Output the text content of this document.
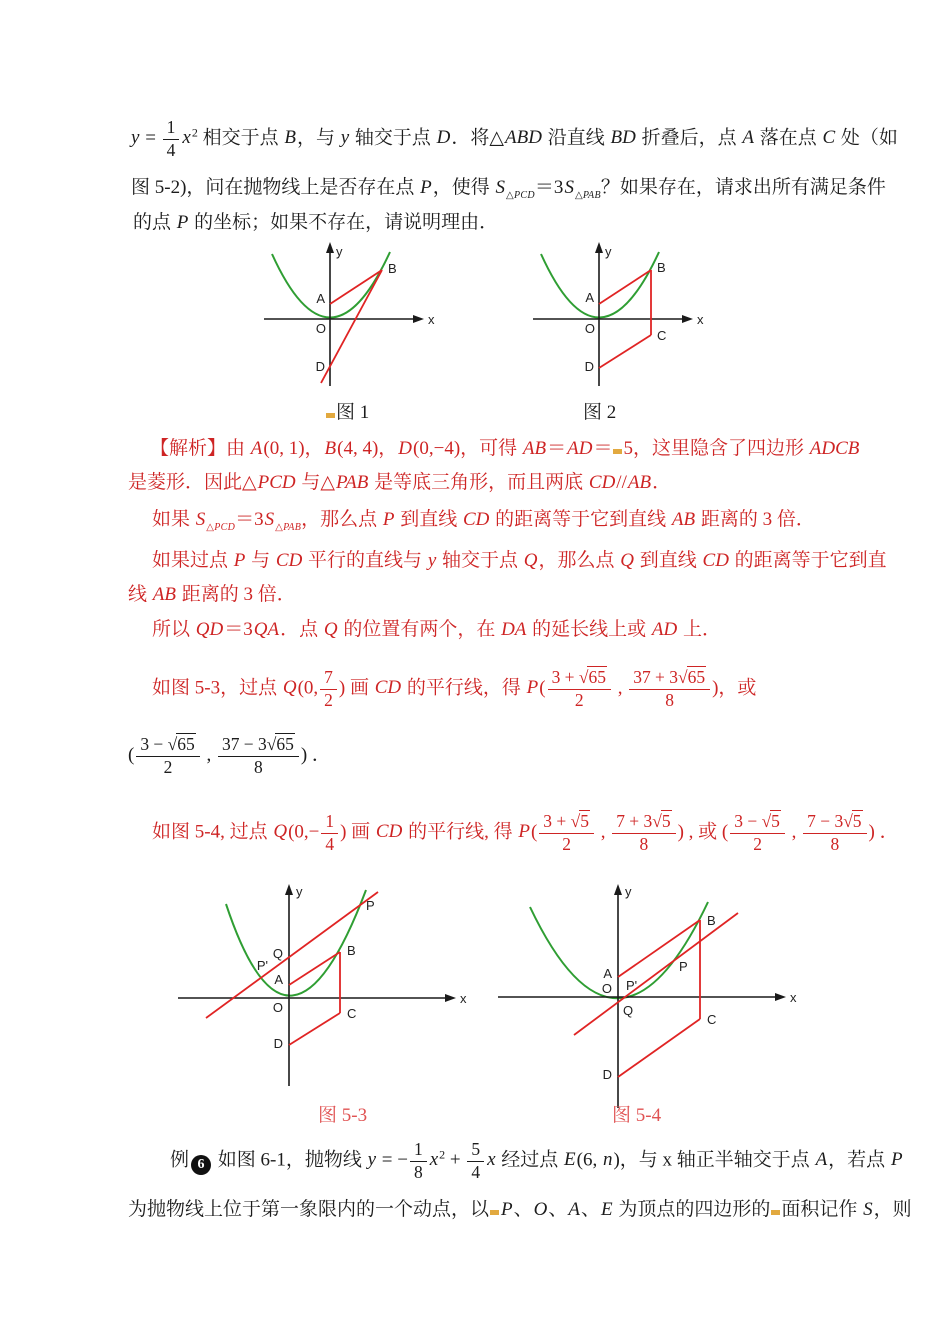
$y = \frac{1}{4} x^2$ 相交于点 B，与 y 轴交于点 D．将△ABD 沿直线 BD 折叠后，点 A 落在点 C 处（如
图 5-2)，问在抛物线上是否存在点 P，使得 $S_{\triangle PCD}=3S_{\triangle PAB}$？如果存在，请求出所有满足条件
的点 P 的坐标；如果不存在，请说明理由．
y
x
O
A
B
D
y
x
O
A
B
C
D
图 1	图 2
【解析】由 A(0, 1)，B(4, 4)，D(0,−4)，可得 AB＝AD＝ 5，这里隐含了四边形 ADCB
是菱形．因此△PCD 与△PAB 是等底三角形，而且两底 CD//AB．
如果 $S_{\triangle PCD}=3S_{\triangle PAB}$，那么点 P 到直线 CD 的距离等于它到直线 AB 距离的 3 倍．
如果过点 P 与 CD 平行的直线与 y 轴交于点 Q，那么点 Q 到直线 CD 的距离等于它到直
线 AB 距离的 3 倍．
所以 QD＝3QA．点 Q 的位置有两个，在 DA 的延长线上或 AD 上．
如图 5-3，过点 Q(0, $\frac{7}{2}$ ) 画 CD 的平行线，得 $P( \frac{3 + √65}{2}$ , $\frac{37 + 3√65}{8}$ )，或
( $\frac{3 - √65}{2}$ , $\frac{37 - 3√65}{8}$ ) ．
如图 5-4, 过点 $Q(0,- \frac{1}{4}$ ) 画 CD 的平行线, 得 $P( \frac{3 + √5}{2}$ , $\frac{7 + 3√5}{8}$ ) , 或 ( $\frac{3 - √5}{2}$ , $\frac{7 - 3√5}{8}$ ) ．
y
x
O
Q
A
P'
B
C
D
P
y
x
O
Q
P'
A
B
C
D
P
图 5-3	图 5-4
例 6 如图 6-1，抛物线 y = − $\frac{1}{8} x^2 + \frac{5}{4}$ x 经过点 E(6, n)，与 x 轴正半轴交于点 A，若点 P
为抛物线上位于第一象限内的一个动点，以 P、O、A、E 为顶点的四边形的 面积记作 S，则
